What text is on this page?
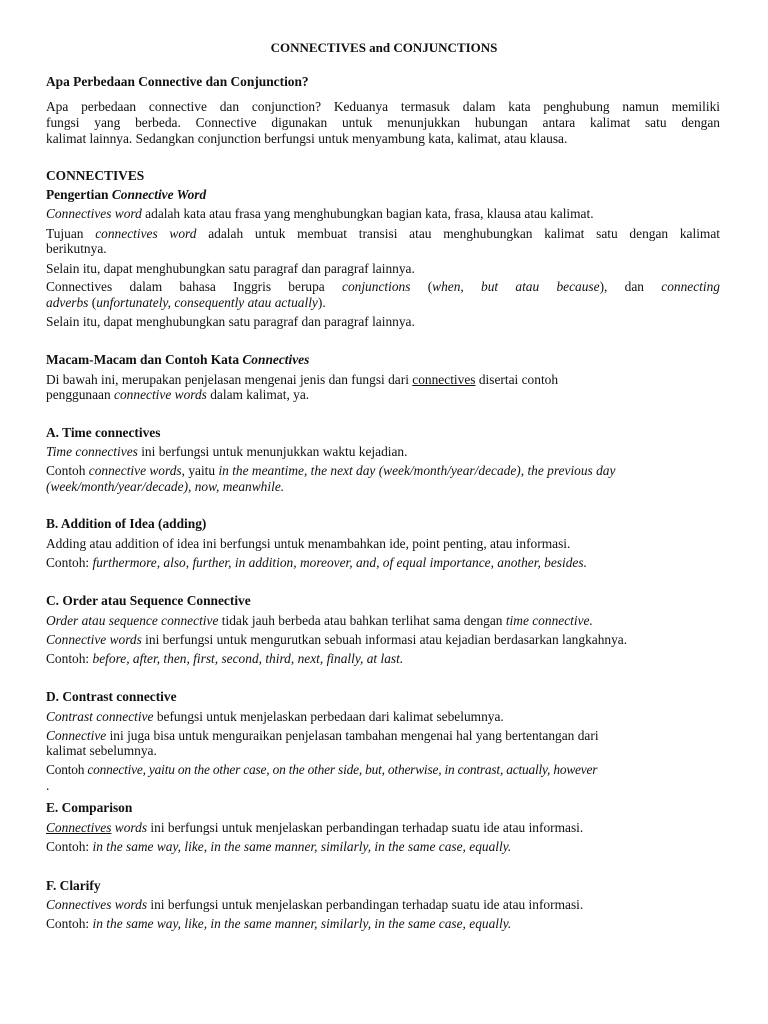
CONNECTIVES and CONJUNCTIONS
Apa Perbedaan Connective dan Conjunction?
Apa perbedaan connective dan conjunction? Keduanya termasuk dalam kata penghubung namun memiliki
fungsi yang berbeda. Connective digunakan untuk menunjukkan hubungan antara kalimat satu dengan
kalimat lainnya. Sedangkan conjunction berfungsi untuk menyambung kata, kalimat, atau klausa.
CONNECTIVES
Pengertian Connective Word
Connectives word adalah kata atau frasa yang menghubungkan bagian kata, frasa, klausa atau kalimat.
Tujuan connectives word adalah untuk membuat transisi atau menghubungkan kalimat satu dengan kalimat
berikutnya.
Selain itu, dapat menghubungkan satu paragraf dan paragraf lainnya.
Connectives dalam bahasa Inggris berupa conjunctions (when, but atau because), dan connecting
adverbs (unfortunately, consequently atau actually).
Selain itu, dapat menghubungkan satu paragraf dan paragraf lainnya.
Macam-Macam dan Contoh Kata Connectives
Di bawah ini, merupakan penjelasan mengenai jenis dan fungsi dari connectives disertai contoh
penggunaan connective words dalam kalimat, ya.
A. Time connectives
Time connectives ini berfungsi untuk menunjukkan waktu kejadian.
Contoh connective words, yaitu in the meantime, the next day (week/month/year/decade), the previous day
(week/month/year/decade), now, meanwhile.
B. Addition of Idea (adding)
Adding atau addition of idea ini berfungsi untuk menambahkan ide, point penting, atau informasi.
Contoh: furthermore, also, further, in addition, moreover, and, of equal importance, another, besides.
C. Order atau Sequence Connective
Order atau sequence connective tidak jauh berbeda atau bahkan terlihat sama dengan time connective.
Connective words ini berfungsi untuk mengurutkan sebuah informasi atau kejadian berdasarkan langkahnya.
Contoh: before, after, then, first, second, third, next, finally, at last.
D. Contrast connective
Contrast connective befungsi untuk menjelaskan perbedaan dari kalimat sebelumnya.
Connective ini juga bisa untuk menguraikan penjelasan tambahan mengenai hal yang bertentangan dari
kalimat sebelumnya.
Contoh connective, yaitu on the other case, on the other side, but, otherwise, in contrast, actually, however
.
E. Comparison
Connectives words ini berfungsi untuk menjelaskan perbandingan terhadap suatu ide atau informasi.
Contoh: in the same way, like, in the same manner, similarly, in the same case, equally.
F. Clarify
Connectives words ini berfungsi untuk menjelaskan perbandingan terhadap suatu ide atau informasi.
Contoh: in the same way, like, in the same manner, similarly, in the same case, equally.
